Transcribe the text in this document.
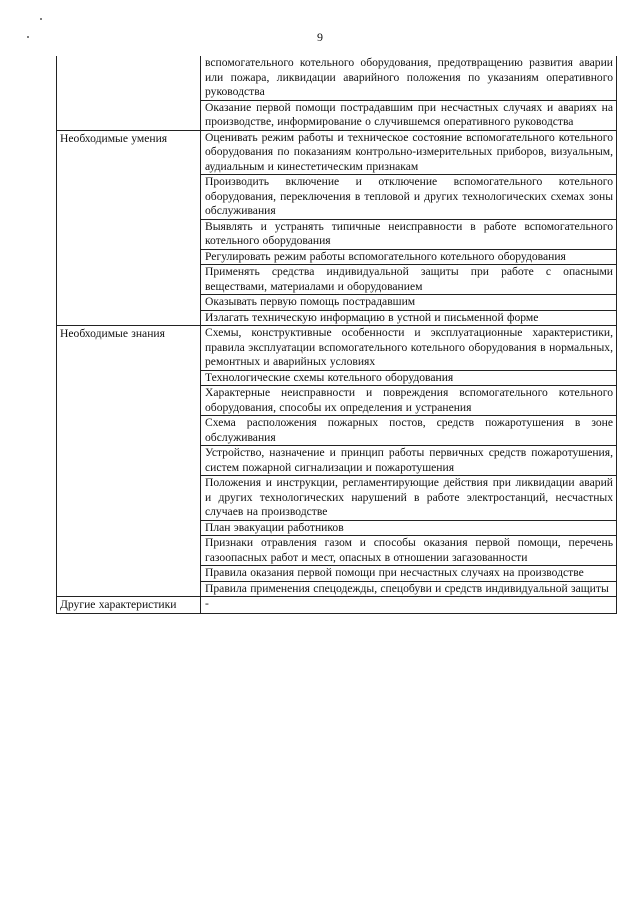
9
	вспомогательного котельного оборудования, предотвращению развития аварии или пожара, ликвидации аварийного положения по указаниям оперативного руководства
	Оказание первой помощи пострадавшим при несчастных случаях и авариях на производстве, информирование о случившемся оперативного руководства
Необходимые умения	Оценивать режим работы и техническое состояние вспомогательного котельного оборудования по показаниям контрольно-измерительных приборов, визуальным, аудиальным и кинестетическим признакам
	Производить включение и отключение вспомогательного котельного оборудования, переключения в тепловой и других технологических схемах зоны обслуживания
	Выявлять и устранять типичные неисправности в работе вспомогательного котельного оборудования
	Регулировать режим работы вспомогательного котельного оборудования
	Применять средства индивидуальной защиты при работе с опасными веществами, материалами и оборудованием
	Оказывать первую помощь пострадавшим
	Излагать техническую информацию в устной и письменной форме
Необходимые знания	Схемы, конструктивные особенности и эксплуатационные характеристики, правила эксплуатации вспомогательного котельного оборудования в нормальных, ремонтных и аварийных условиях
	Технологические схемы котельного оборудования
	Характерные неисправности и повреждения вспомогательного котельного оборудования, способы их определения и устранения
	Схема расположения пожарных постов, средств пожаротушения в зоне обслуживания
	Устройство, назначение и принцип работы первичных средств пожаротушения, систем пожарной сигнализации и пожаротушения
	Положения и инструкции, регламентирующие действия при ликвидации аварий и других технологических нарушений в работе электростанций, несчастных случаев на производстве
	План эвакуации работников
	Признаки отравления газом и способы оказания первой помощи, перечень газоопасных работ и мест, опасных в отношении загазованности
	Правила оказания первой помощи при несчастных случаях на производстве
	Правила применения спецодежды, спецобуви и средств индивидуальной защиты
Другие характеристики	-
